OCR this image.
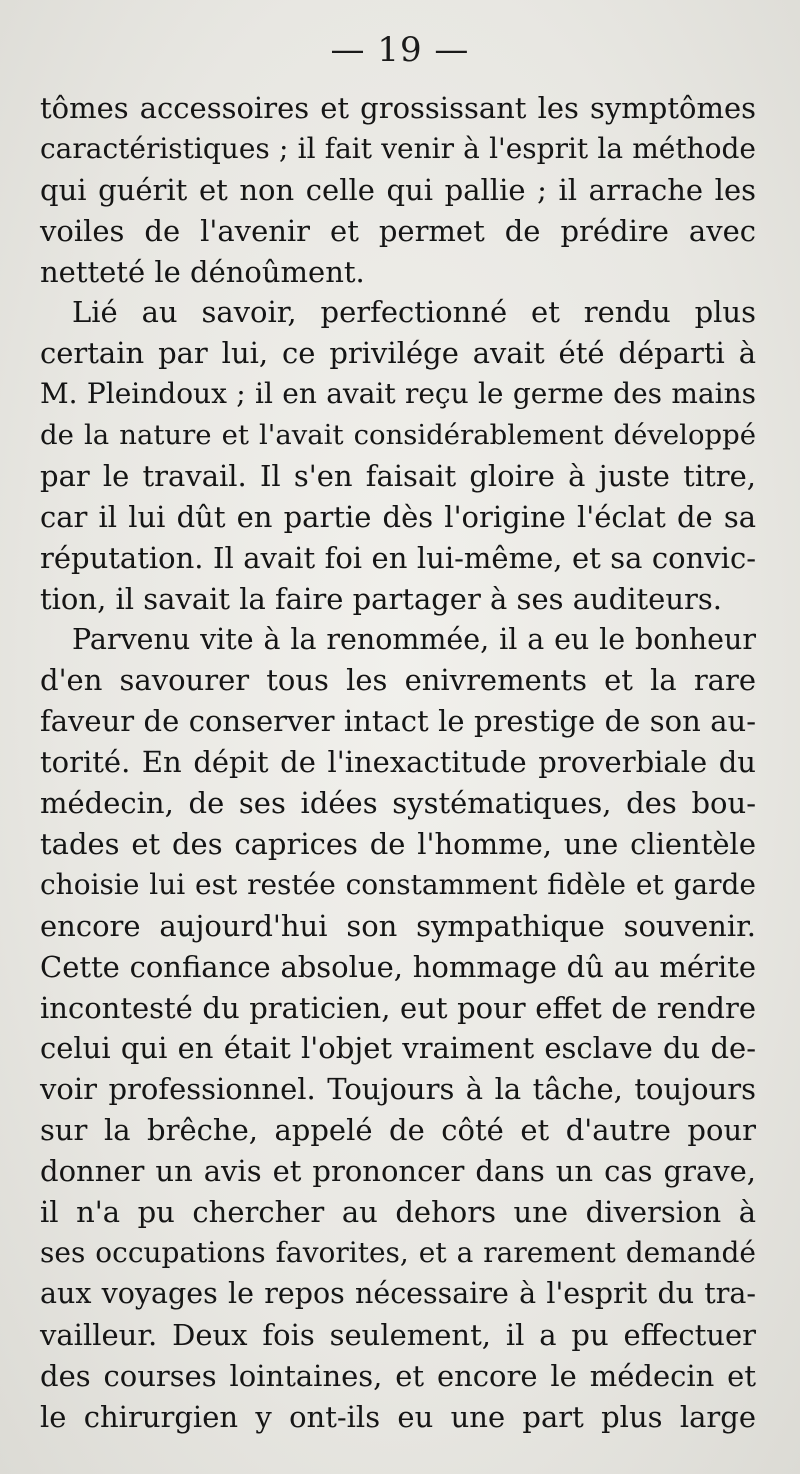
— 19 —
tômes accessoires et grossissant les symptômes
caractéristiques ; il fait venir à l'esprit la méthode
qui guérit et non celle qui pallie ; il arrache les
voiles de l'avenir et permet de prédire avec
netteté le dénoûment.
Lié au savoir, perfectionné et rendu plus
certain par lui, ce privilége avait été départi à
M. Pleindoux ; il en avait reçu le germe des mains
de la nature et l'avait considérablement développé
par le travail. Il s'en faisait gloire à juste titre,
car il lui dût en partie dès l'origine l'éclat de sa
réputation. Il avait foi en lui-même, et sa convic-
tion, il savait la faire partager à ses auditeurs.
Parvenu vite à la renommée, il a eu le bonheur
d'en savourer tous les enivrements et la rare
faveur de conserver intact le prestige de son au-
torité. En dépit de l'inexactitude proverbiale du
médecin, de ses idées systématiques, des bou-
tades et des caprices de l'homme, une clientèle
choisie lui est restée constamment fidèle et garde
encore aujourd'hui son sympathique souvenir.
Cette confiance absolue, hommage dû au mérite
incontesté du praticien, eut pour effet de rendre
celui qui en était l'objet vraiment esclave du de-
voir professionnel. Toujours à la tâche, toujours
sur la brêche, appelé de côté et d'autre pour
donner un avis et prononcer dans un cas grave,
il n'a pu chercher au dehors une diversion à
ses occupations favorites, et a rarement demandé
aux voyages le repos nécessaire à l'esprit du tra-
vailleur. Deux fois seulement, il a pu effectuer
des courses lointaines, et encore le médecin et
le chirurgien y ont-ils eu une part plus large
